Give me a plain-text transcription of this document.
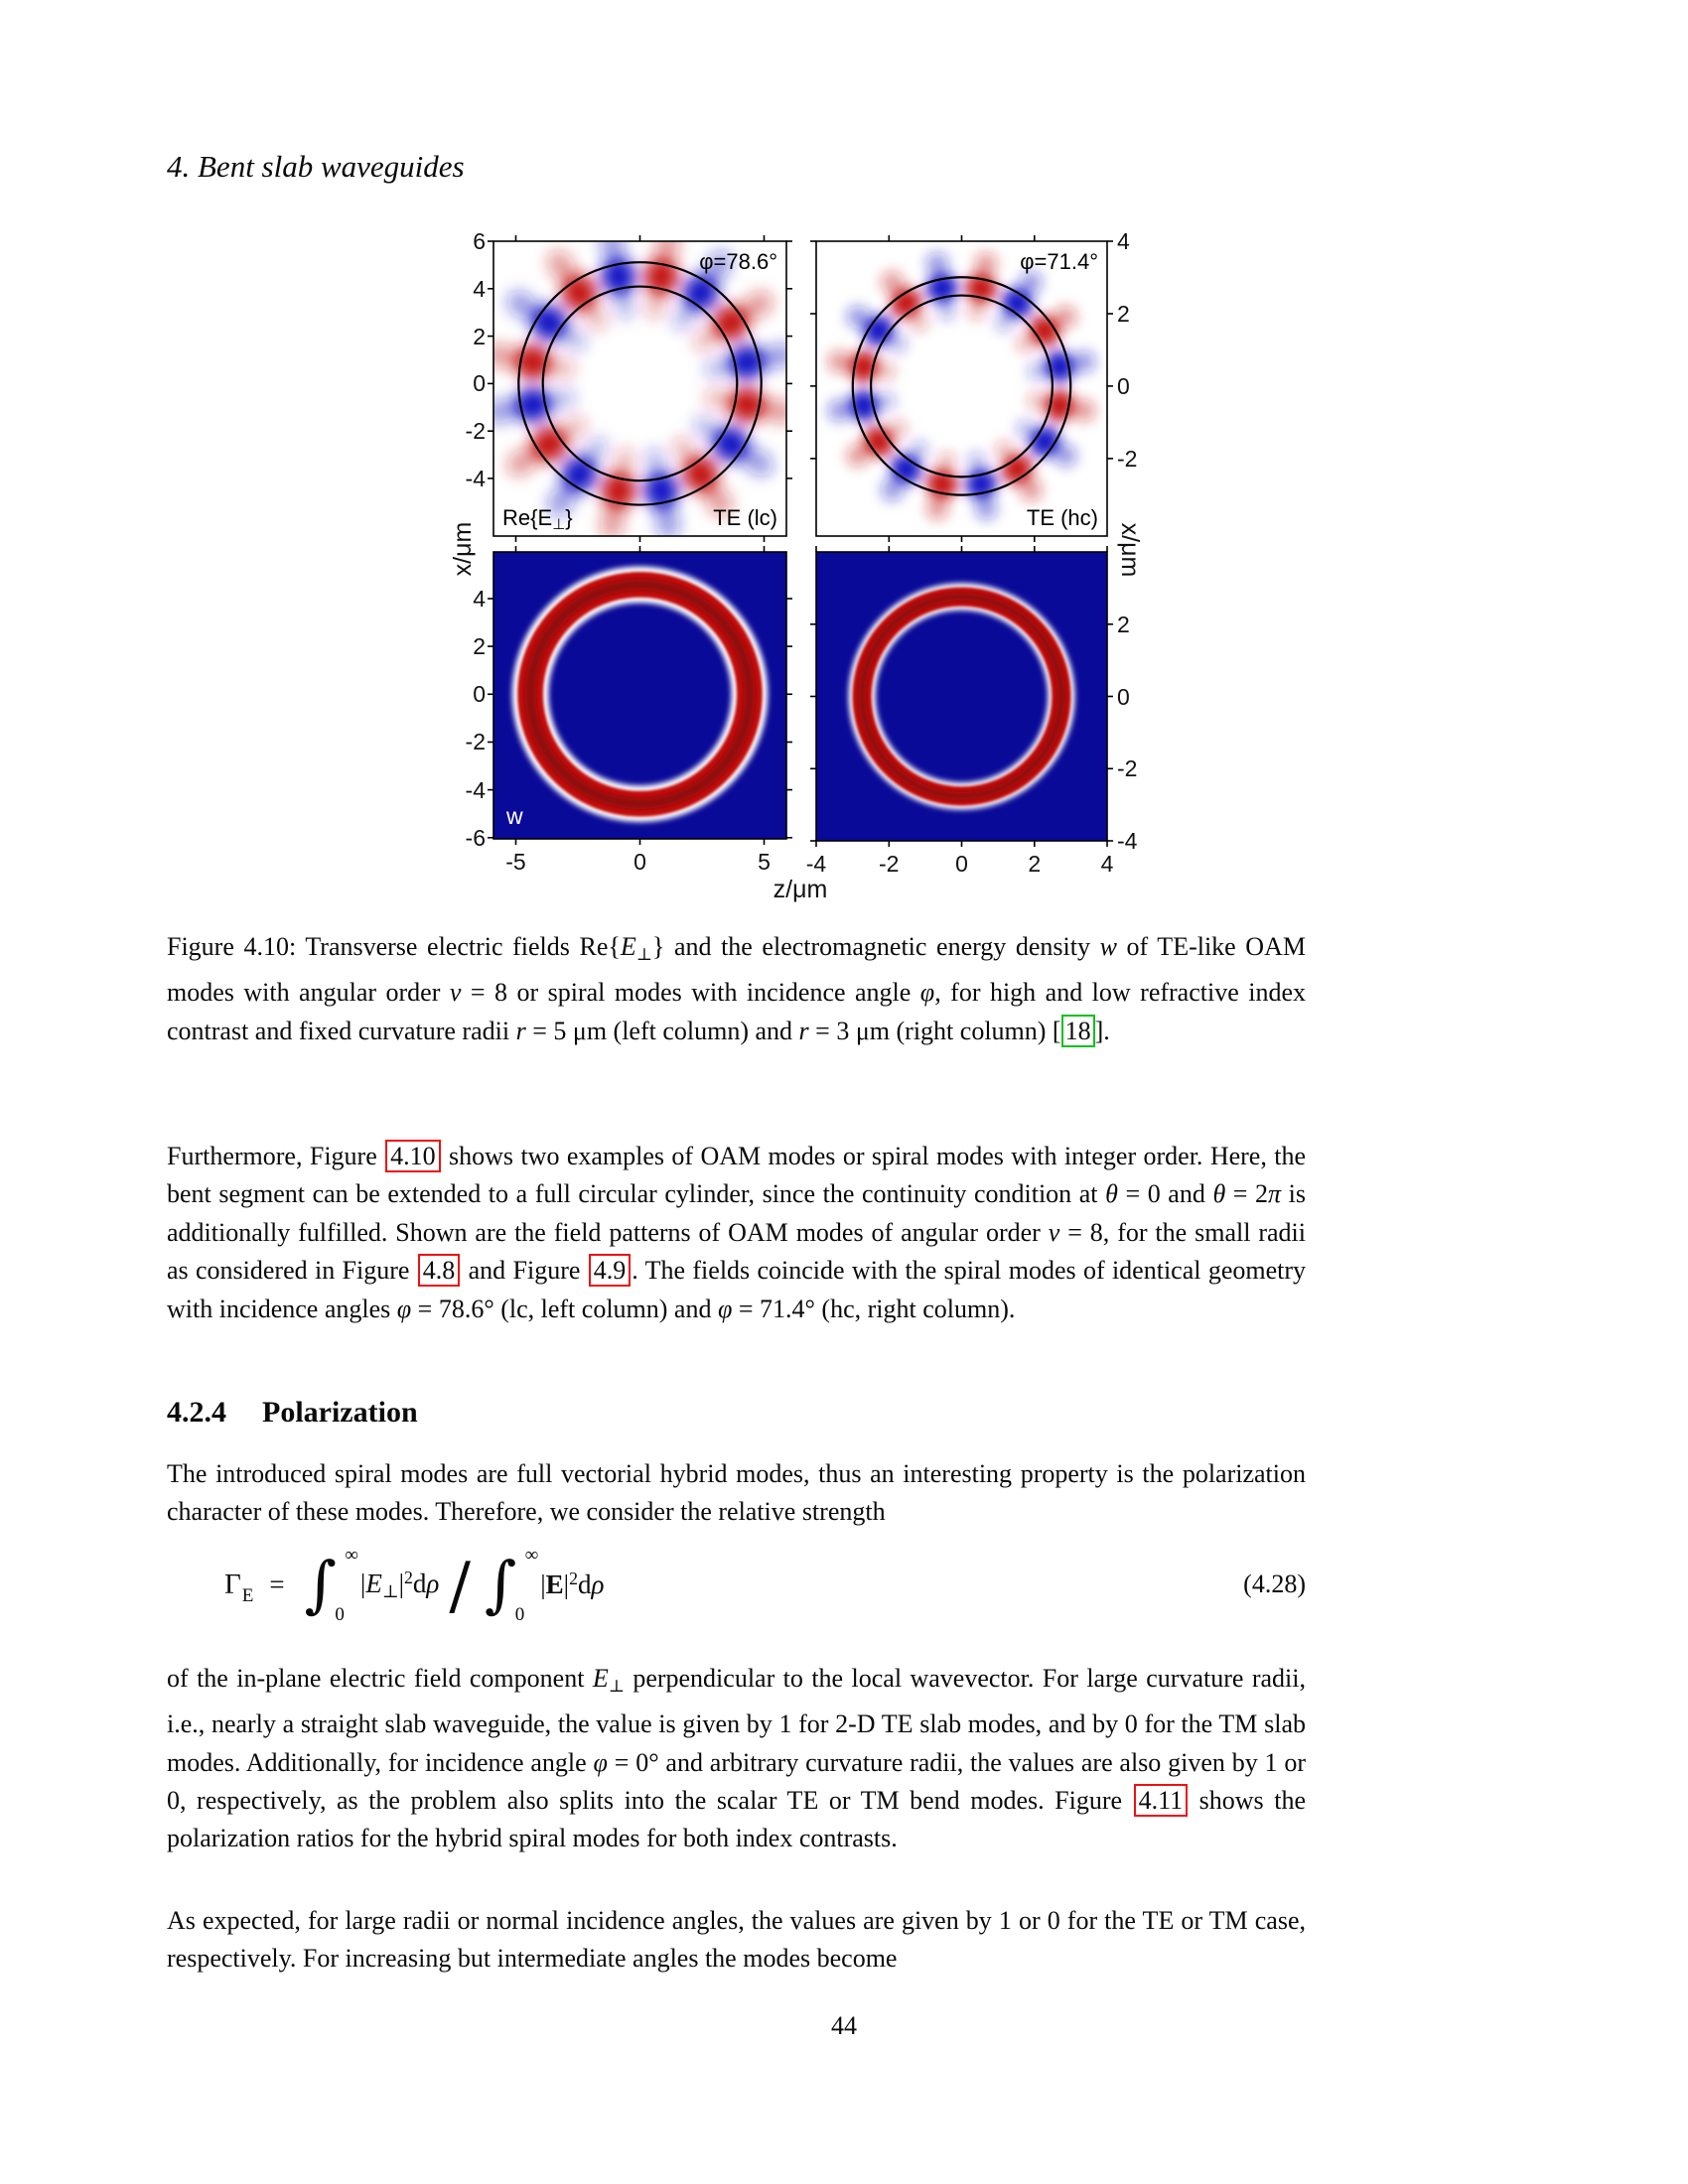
4. Bent slab waveguides
φ=78.6°
Re{E⊥}	TE (lc)
φ=71.4°
TE (hc)
w
6
4
2
0
-2
-4
4
2
0
-2
4
2
0
-2
-4
-6
-5	0	5
2
0
-2
-4
-4	-2	0	2	4
z/μm
x/μm	x/μm
Figure 4.10: Transverse electric fields $Re\{E_\perp\}$ and the electromagnetic energy density w of TE-like OAM modes with angular order ν = 8 or spiral modes with incidence angle φ, for high and low refractive index contrast and fixed curvature radii r = 5 μm (left column) and r = 3 μm (right column) [ 18 ].
Furthermore, Figure 4.10 shows two examples of OAM modes or spiral modes with integer order. Here, the bent segment can be extended to a full circular cylinder, since the continuity condition at θ = 0 and θ = 2π is additionally fulfilled. Shown are the field patterns of OAM modes of angular order ν = 8, for the small radii as considered in Figure 4.8 and Figure 4.9 . The fields coincide with the spiral modes of identical geometry with incidence angles φ = 78.6° (lc, left column) and φ = 71.4° (hc, right column).
4.2.4 Polarization
The introduced spiral modes are full vectorial hybrid modes, thus an interesting property is the polarization character of these modes. Therefore, we consider the relative strength
$\Gamma_E$ = ∫ ∞
0
$|E_\perp|^2d\rho$ ∕ ∫ ∞
0
$|E|^2d\rho$	(4.28)
of the in-plane electric field component $E_\perp$ perpendicular to the local wavevector. For large curvature radii, i.e., nearly a straight slab waveguide, the value is given by 1 for 2-D TE slab modes, and by 0 for the TM slab modes. Additionally, for incidence angle φ = 0° and arbitrary curvature radii, the values are also given by 1 or 0, respectively, as the problem also splits into the scalar TE or TM bend modes. Figure 4.11 shows the polarization ratios for the hybrid spiral modes for both index contrasts.
As expected, for large radii or normal incidence angles, the values are given by 1 or 0 for the TE or TM case, respectively. For increasing but intermediate angles the modes become
44
